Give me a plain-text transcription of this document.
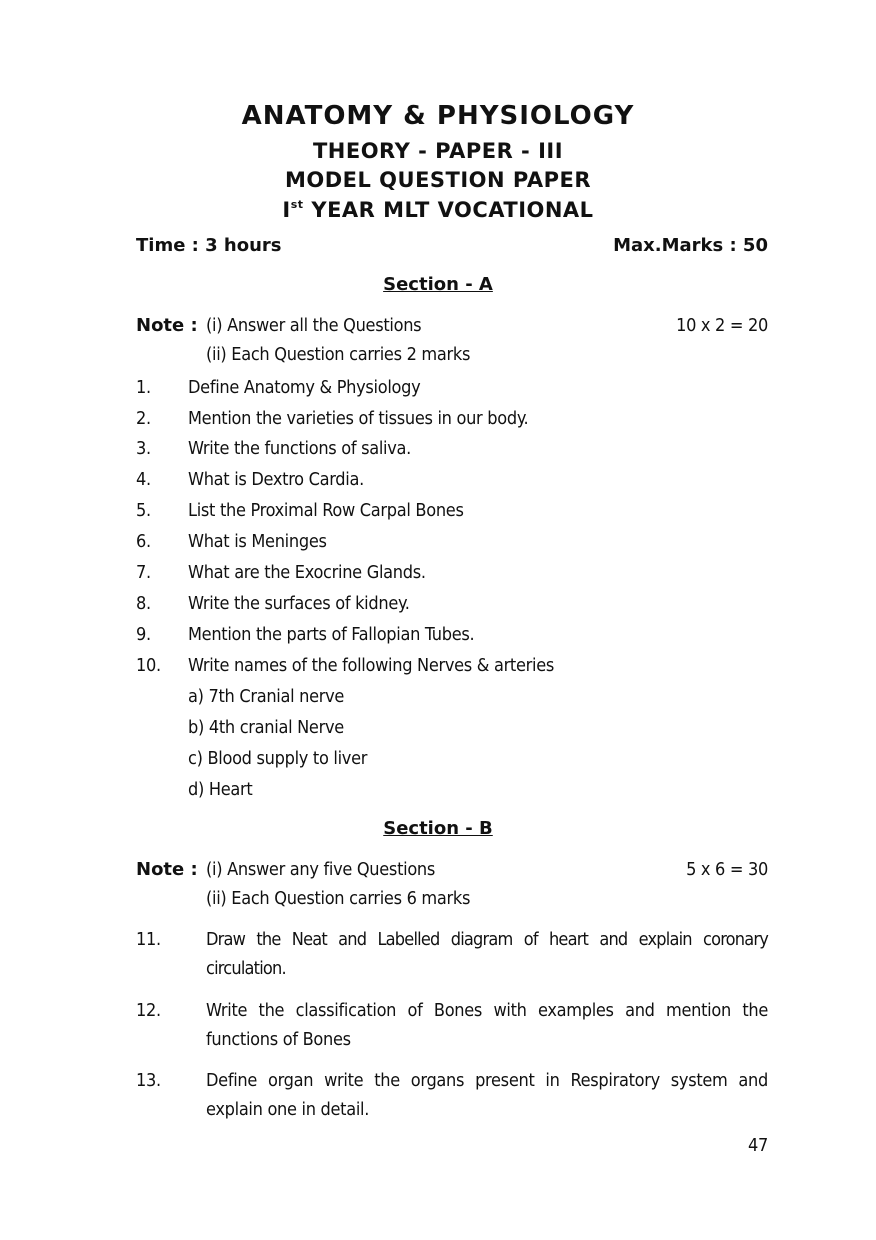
ANATOMY & PHYSIOLOGY
THEORY - PAPER - III
MODEL QUESTION PAPER
Ist YEAR MLT VOCATIONAL
Time : 3 hours	Max.Marks : 50
Section - A
Note : (i) Answer all the Questions
(ii) Each Question carries 2 marks
10 x 2 = 20
1. Define Anatomy & Physiology
2. Mention the varieties of tissues in our body.
3. Write the functions of saliva.
4. What is Dextro Cardia.
5. List the Proximal Row Carpal Bones
6. What is Meninges
7. What are the Exocrine Glands.
8. Write the surfaces of kidney.
9. Mention the parts of Fallopian Tubes.
10. Write names of the following Nerves & arteries
a) 7th Cranial nerve
b) 4th cranial Nerve
c) Blood supply to liver
d) Heart
Section - B
Note : (i) Answer any five Questions
(ii) Each Question carries 6 marks
5 x 6 = 30
11.	Draw the Neat and Labelled diagram of heart and explain coronary circulation.
12.	Write the classification of Bones with examples and mention the functions of Bones
13.	Define organ write the organs present in Respiratory system and explain one in detail.
47
